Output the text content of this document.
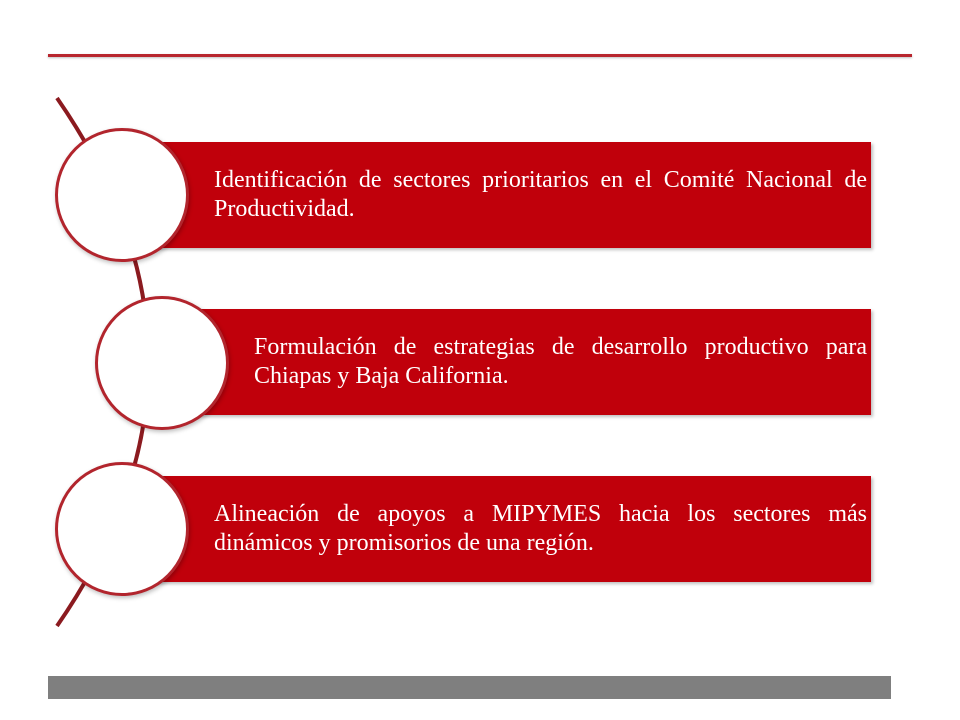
Identificación de sectores prioritarios en el Comité Nacional de Productividad.
Formulación de estrategias de desarrollo productivo para Chiapas y Baja California.
Alineación de apoyos a MIPYMES hacia los sectores más dinámicos y promisorios de una región.
